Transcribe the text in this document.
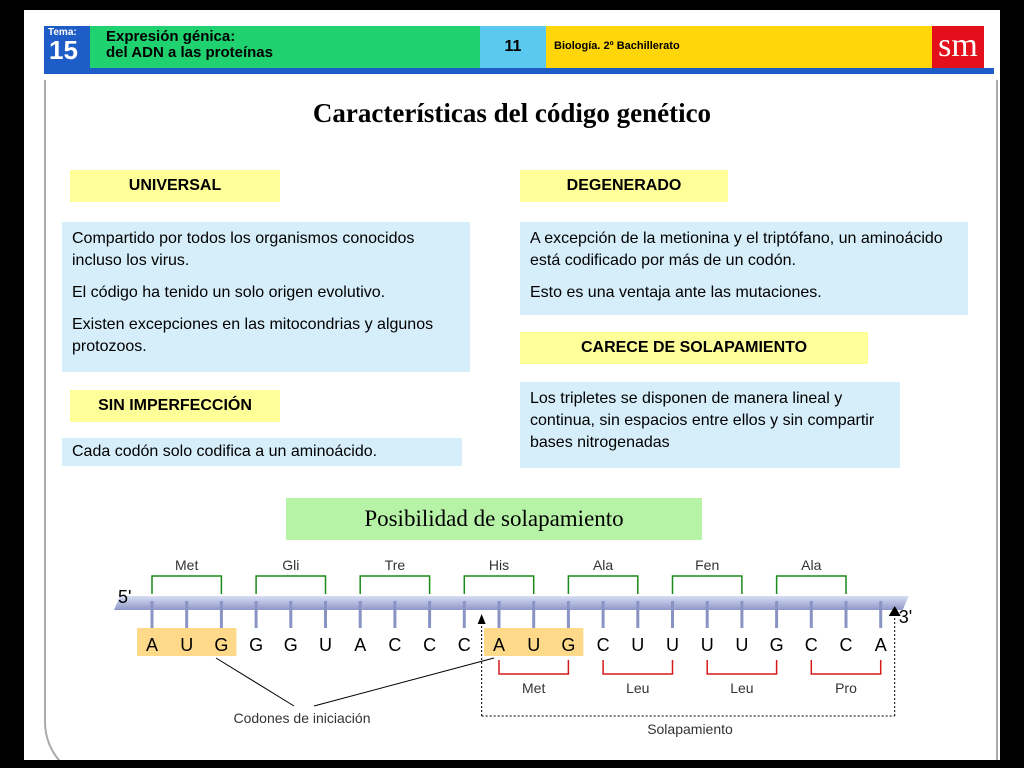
Tema:
15 Expresión génica:
del ADN a las proteínas	11	Biología. 2º Bachillerato	sm
Características del código genético
UNIVERSAL

Compartido por todos los organismos conocidos incluso los virus.

El código ha tenido un solo origen evolutivo.

Existen excepciones en las mitocondrias y algunos protozoos.

SIN IMPERFECCIÓN

Cada codón solo codifica a un aminoácido.

DEGENERADO

A excepción de la metionina y el triptófano, un aminoácido está codificado por más de un codón.

Esto es una ventaja ante las mutaciones.

CARECE DE SOLAPAMIENTO

Los tripletes se disponen de manera lineal y continua, sin espacios entre ellos y sin compartir bases nitrogenadas

Posibilidad de solapamiento
5'
3'
A U G G G U A C C C A U G C U U U U G C C A
Met	Gli	Tre	His	Ala	Fen	Ala
Met	Leu	Leu	Pro
Solapamiento
Codones de iniciación
